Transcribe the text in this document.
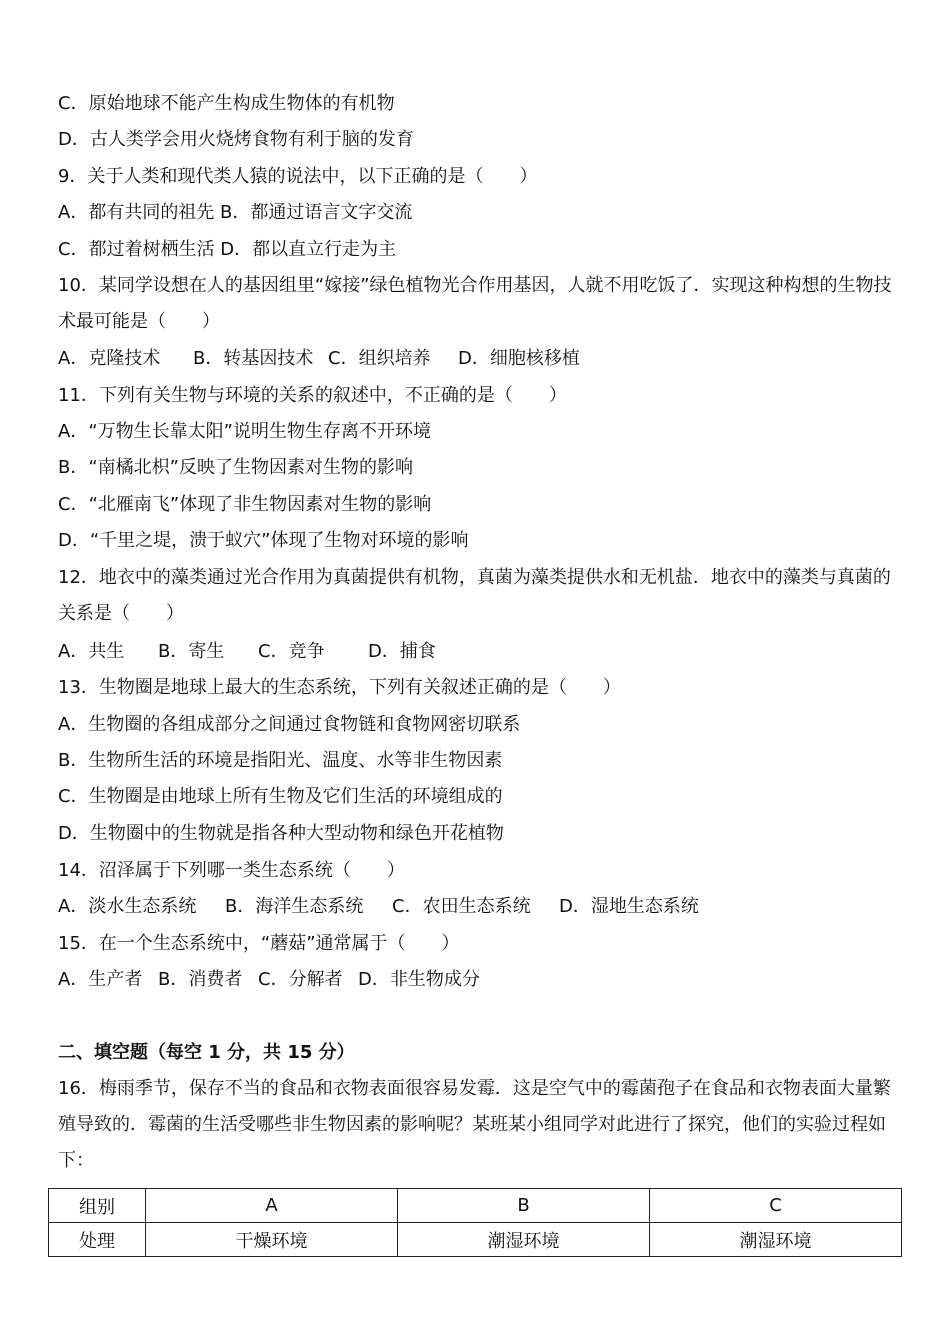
C．原始地球不能产生构成生物体的有机物
D．古人类学会用火烧烤食物有利于脑的发育
9．关于人类和现代类人猿的说法中，以下正确的是（　　）
A．都有共同的祖先 B．都通过语言文字交流
C．都过着树栖生活 D．都以直立行走为主
10．某同学设想在人的基因组里“嫁接”绿色植物光合作用基因，人就不用吃饭了．实现这种构想的生物技术最可能是（　　）
A．克隆技术 B．转基因技术 C．组织培养 D．细胞核移植
11．下列有关生物与环境的关系的叙述中，不正确的是（　　）
A．“万物生长靠太阳”说明生物生存离不开环境
B．“南橘北枳”反映了生物因素对生物的影响
C．“北雁南飞”体现了非生物因素对生物的影响
D．“千里之堤，溃于蚁穴”体现了生物对环境的影响
12．地衣中的藻类通过光合作用为真菌提供有机物，真菌为藻类提供水和无机盐．地衣中的藻类与真菌的关系是（　　）
A．共生 B．寄生 C．竞争 D．捕食
13．生物圈是地球上最大的生态系统，下列有关叙述正确的是（　　）
A．生物圈的各组成部分之间通过食物链和食物网密切联系
B．生物所生活的环境是指阳光、温度、水等非生物因素
C．生物圈是由地球上所有生物及它们生活的环境组成的
D．生物圈中的生物就是指各种大型动物和绿色开花植物
14．沼泽属于下列哪一类生态系统（　　）
A．淡水生态系统 B．海洋生态系统 C．农田生态系统 D．湿地生态系统
15．在一个生态系统中，“蘑菇”通常属于（　　）
A．生产者 B．消费者 C．分解者 D．非生物成分
二、填空题（每空 1 分，共 15 分）
16．梅雨季节，保存不当的食品和衣物表面很容易发霉．这是空气中的霉菌孢子在食品和衣物表面大量繁殖导致的．霉菌的生活受哪些非生物因素的影响呢？某班某小组同学对此进行了探究，他们的实验过程如下：
组别	A	B	C
处理	干燥环境	潮湿环境	潮湿环境
